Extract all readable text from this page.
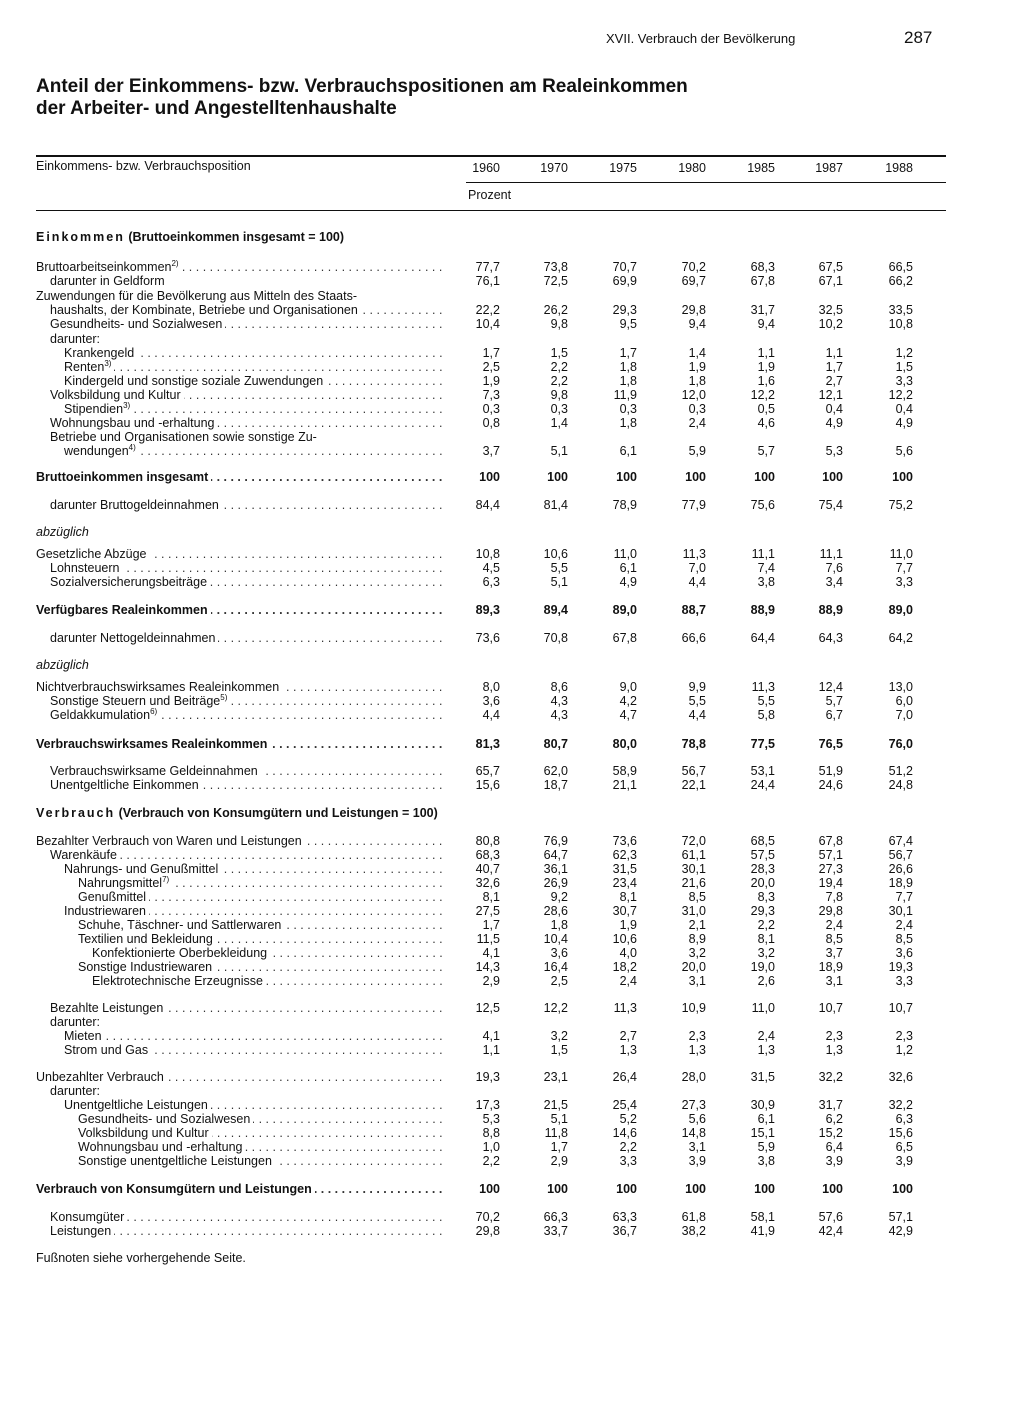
XVII. Verbrauch der Bevölkerung	287
Anteil der Einkommens- bzw. Verbrauchspositionen am Realeinkommen
der Arbeiter- und Angestelltenhaushalte
Einkommens- bzw. Verbrauchsposition
Prozent
1960	1970	1975	1980	1985	1987	1988
Einkommen (Bruttoeinkommen insgesamt = 100)
Bruttoarbeitseinkommen$^{2)}$ . . .	77,7	73,8	70,7	70,2	68,3	67,5	66,5
darunter in Geldform	76,1	72,5	69,9	69,7	67,8	67,1	66,2
Zuwendungen für die Bevölkerung aus Mitteln des Staats-
haushalts, der Kombinate, Betriebe und Organisationen . . .	22,2	26,2	29,3	29,8	31,7	32,5	33,5
Gesundheits- und Sozialwesen . . .	10,4	9,8	9,5	9,4	9,4	10,2	10,8
darunter:
Krankengeld . . .	1,7	1,5	1,7	1,4	1,1	1,1	1,2
Renten$^{3)}$ . . .	2,5	2,2	1,8	1,9	1,9	1,7	1,5
Kindergeld und sonstige soziale Zuwendungen . . .	1,9	2,2	1,8	1,8	1,6	2,7	3,3
Volksbildung und Kultur . . .	7,3	9,8	11,9	12,0	12,2	12,1	12,2
Stipendien$^{3)}$ . . .	0,3	0,3	0,3	0,3	0,5	0,4	0,4
Wohnungsbau und -erhaltung . . .	0,8	1,4	1,8	2,4	4,6	4,9	4,9
Betriebe und Organisationen sowie sonstige Zu-
wendungen$^{4)}$ . . .	3,7	5,1	6,1	5,9	5,7	5,3	5,6
Bruttoeinkommen insgesamt . . .	100	100	100	100	100	100	100
darunter Bruttogeldeinnahmen . . .	84,4	81,4	78,9	77,9	75,6	75,4	75,2
abzüglich
Gesetzliche Abzüge . . .	10,8	10,6	11,0	11,3	11,1	11,1	11,0
Lohnsteuern . . .	4,5	5,5	6,1	7,0	7,4	7,6	7,7
Sozialversicherungsbeiträge . . .	6,3	5,1	4,9	4,4	3,8	3,4	3,3
Verfügbares Realeinkommen . . .	89,3	89,4	89,0	88,7	88,9	88,9	89,0
darunter Nettogeldeinnahmen . . .	73,6	70,8	67,8	66,6	64,4	64,3	64,2
abzüglich
Nichtverbrauchswirksames Realeinkommen . . .	8,0	8,6	9,0	9,9	11,3	12,4	13,0
Sonstige Steuern und Beiträge$^{5)}$ . . .	3,6	4,3	4,2	5,5	5,5	5,7	6,0
Geldakkumulation$^{6)}$ . . .	4,4	4,3	4,7	4,4	5,8	6,7	7,0
Verbrauchswirksames Realeinkommen . . .	81,3	80,7	80,0	78,8	77,5	76,5	76,0
Verbrauchswirksame Geldeinnahmen . . .	65,7	62,0	58,9	56,7	53,1	51,9	51,2
Unentgeltliche Einkommen . . .	15,6	18,7	21,1	22,1	24,4	24,6	24,8
Verbrauch (Verbrauch von Konsumgütern und Leistungen = 100)
Bezahlter Verbrauch von Waren und Leistungen . . .	80,8	76,9	73,6	72,0	68,5	67,8	67,4
Warenkäufe . . .	68,3	64,7	62,3	61,1	57,5	57,1	56,7
Nahrungs- und Genußmittel . . .	40,7	36,1	31,5	30,1	28,3	27,3	26,6
Nahrungsmittel$^{7)}$ . . .	32,6	26,9	23,4	21,6	20,0	19,4	18,9
Genußmittel . . .	8,1	9,2	8,1	8,5	8,3	7,8	7,7
Industriewaren . . .	27,5	28,6	30,7	31,0	29,3	29,8	30,1
Schuhe, Täschner- und Sattlerwaren . . .	1,7	1,8	1,9	2,1	2,2	2,4	2,4
Textilien und Bekleidung . . .	11,5	10,4	10,6	8,9	8,1	8,5	8,5
Konfektionierte Oberbekleidung . . .	4,1	3,6	4,0	3,2	3,2	3,7	3,6
Sonstige Industriewaren . . .	14,3	16,4	18,2	20,0	19,0	18,9	19,3
Elektrotechnische Erzeugnisse . . .	2,9	2,5	2,4	3,1	2,6	3,1	3,3
Bezahlte Leistungen . . .	12,5	12,2	11,3	10,9	11,0	10,7	10,7
darunter:
Mieten . . .	4,1	3,2	2,7	2,3	2,4	2,3	2,3
Strom und Gas . . .	1,1	1,5	1,3	1,3	1,3	1,3	1,2
Unbezahlter Verbrauch . . .	19,3	23,1	26,4	28,0	31,5	32,2	32,6
darunter:
Unentgeltliche Leistungen . . .	17,3	21,5	25,4	27,3	30,9	31,7	32,2
Gesundheits- und Sozialwesen . . .	5,3	5,1	5,2	5,6	6,1	6,2	6,3
Volksbildung und Kultur . . .	8,8	11,8	14,6	14,8	15,1	15,2	15,6
Wohnungsbau und -erhaltung . . .	1,0	1,7	2,2	3,1	5,9	6,4	6,5
Sonstige unentgeltliche Leistungen . . .	2,2	2,9	3,3	3,9	3,8	3,9	3,9
Verbrauch von Konsumgütern und Leistungen . . .	100	100	100	100	100	100	100
Konsumgüter . . .	70,2	66,3	63,3	61,8	58,1	57,6	57,1
Leistungen . . .	29,8	33,7	36,7	38,2	41,9	42,4	42,9
Fußnoten siehe vorhergehende Seite.
